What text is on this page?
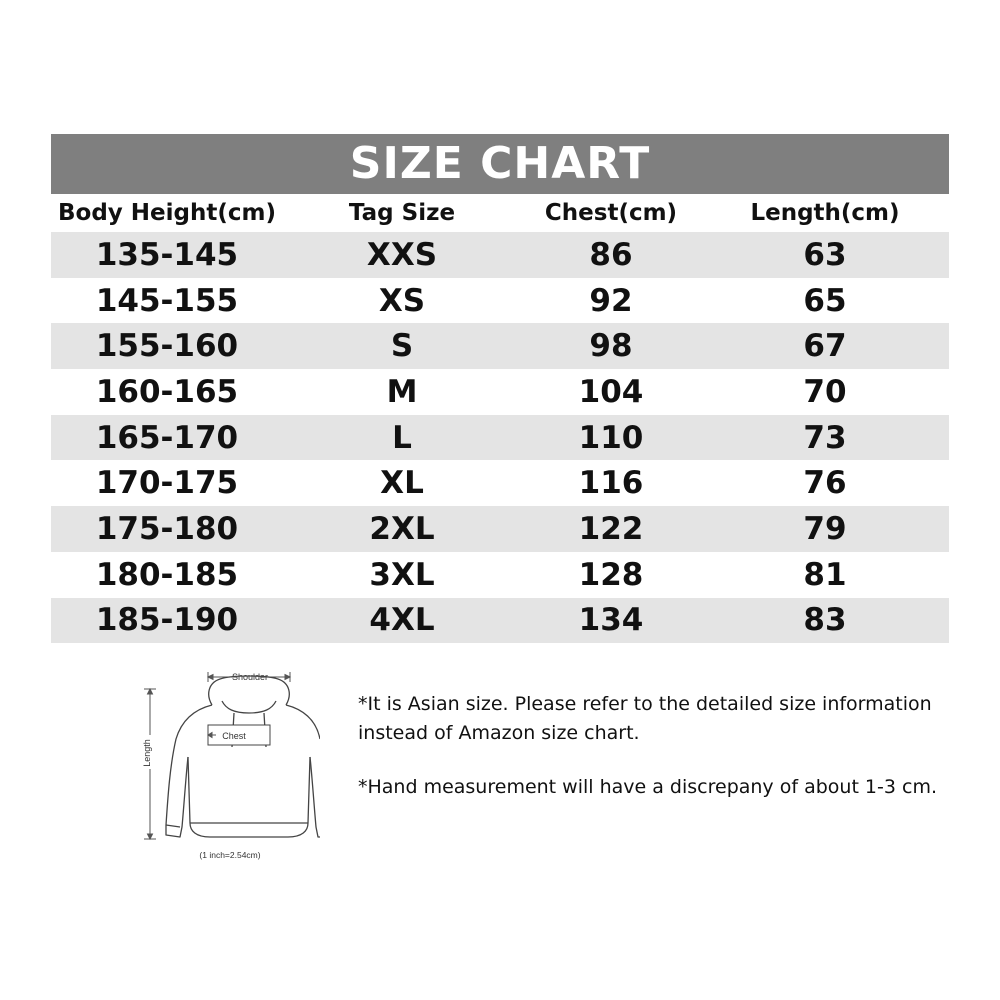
SIZE CHART
Body Height(cm)	Tag Size	Chest(cm)	Length(cm)
135-145	XXS	86	63
145-155	XS	92	65
155-160	S	98	67
160-165	M	104	70
165-170	L	110	73
170-175	XL	116	76
175-180	2XL	122	79
180-185	3XL	128	81
185-190	4XL	134	83
Shoulder
Length
Chest
(1 inch=2.54cm)

*It is Asian size. Please refer to the detailed size information instead of Amazon size chart.

*Hand measurement will have a discrepany of about 1-3 cm.
